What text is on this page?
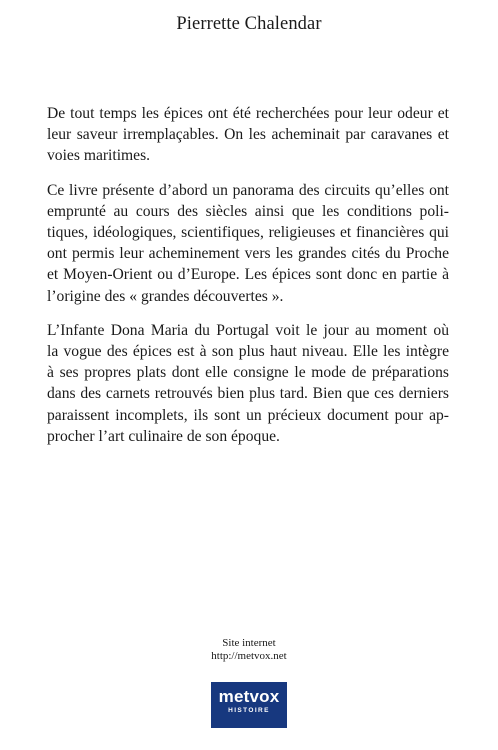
Pierrette Chalendar

De tout temps les épices ont été recherchées pour leur odeur et
leur saveur irremplaçables. On les acheminait par caravanes et
voies maritimes.

Ce livre présente d’abord un panorama des circuits qu’elles ont
emprunté au cours des siècles ainsi que les conditions poli-
tiques, idéologiques, scientifiques, religieuses et financières qui
ont permis leur acheminement vers les grandes cités du Proche
et Moyen-Orient ou d’Europe. Les épices sont donc en partie à
l’origine des « grandes découvertes ».

L’Infante Dona Maria du Portugal voit le jour au moment où
la vogue des épices est à son plus haut niveau. Elle les intègre
à ses propres plats dont elle consigne le mode de préparations
dans des carnets retrouvés bien plus tard. Bien que ces derniers
paraissent incomplets, ils sont un précieux document pour ap-
procher l’art culinaire de son époque.

Site internet
http://metvox.net
metvox
HISTOIRE
